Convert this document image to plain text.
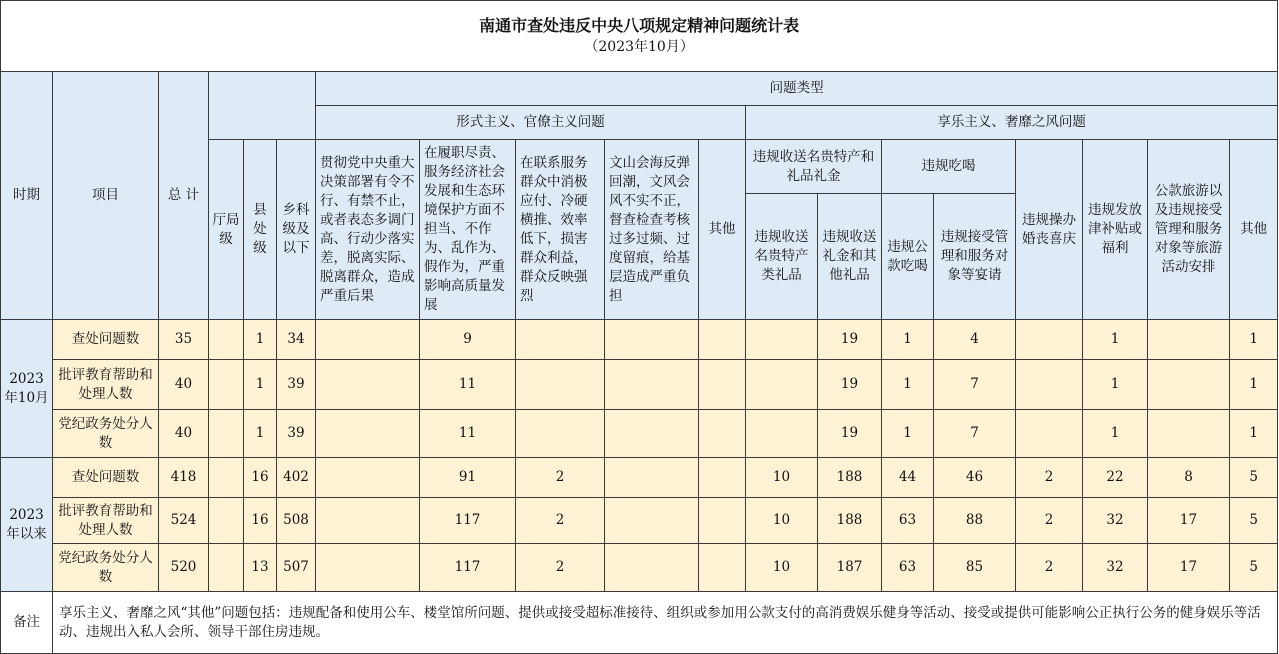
南通市查处违反中央八项规定精神问题统计表
（2023年10月）																		

时期	项目	总 计				问题类型												
						形式主义、官僚主义问题					享乐主义、奢靡之风问题							
			厅局级	县处级	乡科级及以下	贯彻党中央重大决策部署有令不行、有禁不止，或者表态多调门高、行动少落实差，脱离实际、脱离群众，造成严重后果	在履职尽责、服务经济社会发展和生态环境保护方面不担当、不作为、乱作为、假作为，严重影响高质量发展	在联系服务群众中消极应付、冷硬横推、效率低下，损害群众利益，群众反映强烈	文山会海反弹回潮，文风会风不实不正，督查检查考核过多过频、过度留痕，给基层造成严重负担	其他	违规收送名贵特产和礼品礼金		违规吃喝		违规操办婚丧喜庆	违规发放津补贴或福利	公款旅游以及违规接受管理和服务对象等旅游活动安排	其他
											违规收送名贵特产类礼品	违规收送礼金和其他礼品	违规公款吃喝	违规接受管理和服务对象等宴请				
2023年10月	查处问题数	35		1	34		9					19	1	4		1		1
	批评教育帮助和处理人数	40		1	39		11					19	1	7		1		1
	党纪政务处分人数	40		1	39		11					19	1	7		1		1
2023年以来	查处问题数	418		16	402		91	2			10	188	44	46	2	22	8	5
	批评教育帮助和处理人数	524		16	508		117	2			10	188	63	88	2	32	17	5
	党纪政务处分人数	520		13	507		117	2			10	187	63	85	2	32	17	5
备注	享乐主义、奢靡之风“其他”问题包括：违规配备和使用公车、楼堂馆所问题、提供或接受超标准接待、组织或参加用公款支付的高消费娱乐健身等活动、接受或提供可能影响公正执行公务的健身娱乐等活动、违规出入私人会所、领导干部住房违规。																	
